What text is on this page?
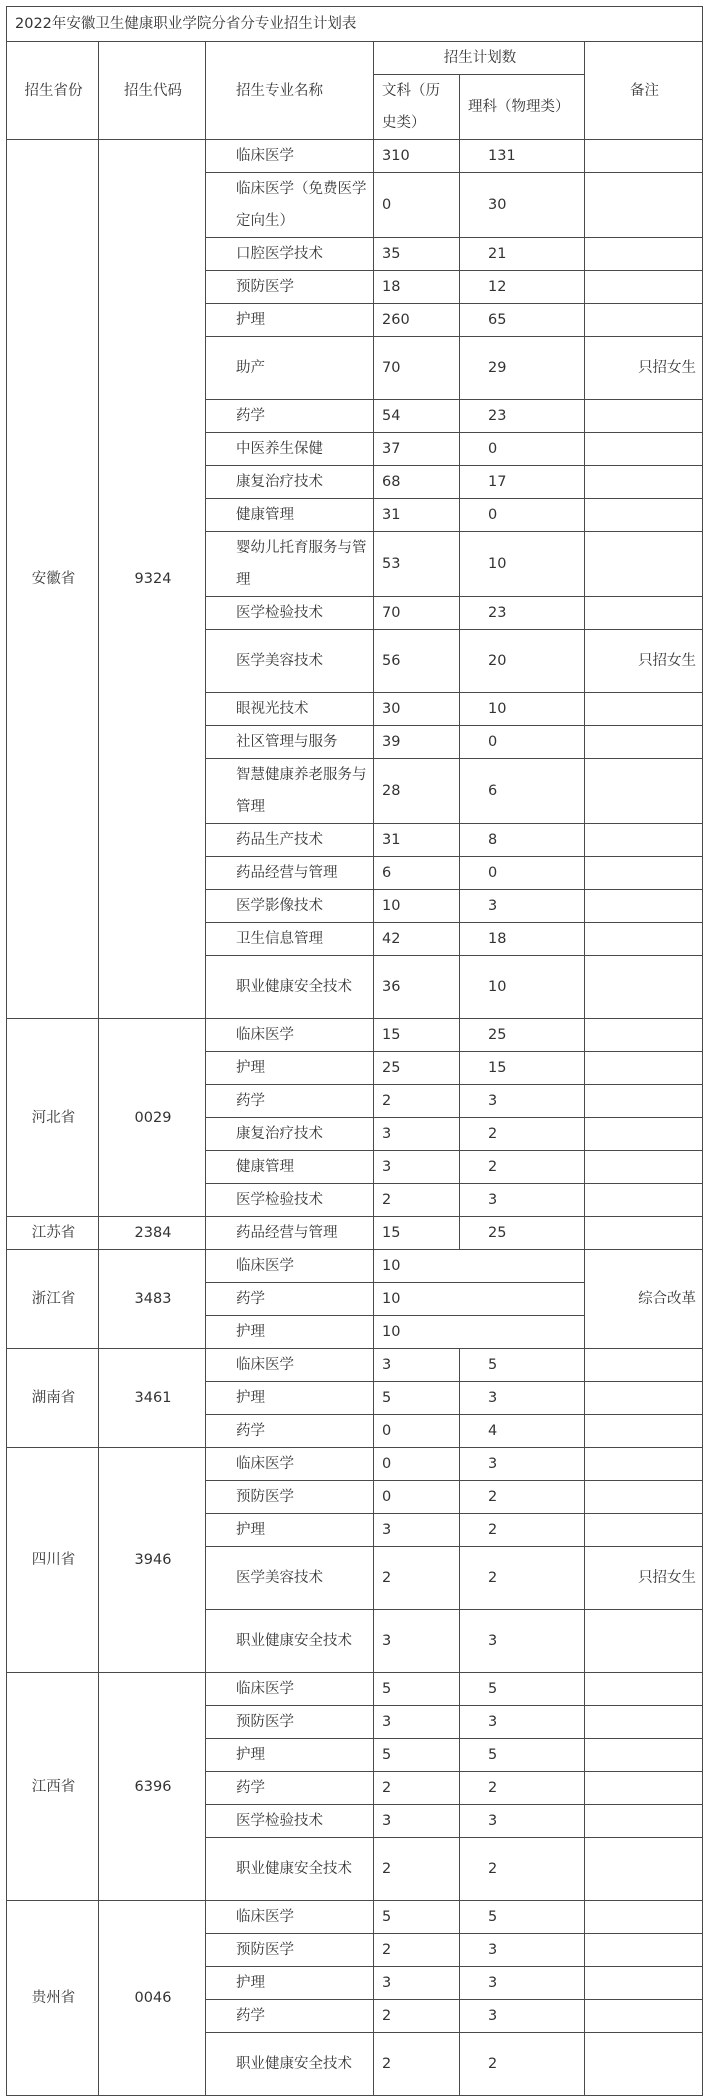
2022年安徽卫生健康职业学院分省分专业招生计划表					
招生省份	招生代码	招生专业名称	招生计划数		备注
			文科（历史类）	理科（物理类）	
安徽省	9324	临床医学	310	131	
		临床医学（免费医学定向生）	0	30	
		口腔医学技术	35	21	
		预防医学	18	12	
		护理	260	65	
		助产	70	29	只招女生
		药学	54	23	
		中医养生保健	37	0	
		康复治疗技术	68	17	
		健康管理	31	0	
		婴幼儿托育服务与管理	53	10	
		医学检验技术	70	23	
		医学美容技术	56	20	只招女生
		眼视光技术	30	10	
		社区管理与服务	39	0	
		智慧健康养老服务与管理	28	6	
		药品生产技术	31	8	
		药品经营与管理	6	0	
		医学影像技术	10	3	
		卫生信息管理	42	18	
		职业健康安全技术	36	10	
河北省	0029	临床医学	15	25	
		护理	25	15	
		药学	2	3	
		康复治疗技术	3	2	
		健康管理	3	2	
		医学检验技术	2	3	
江苏省	2384	药品经营与管理	15	25	
浙江省	3483	临床医学	10		综合改革
		药学	10		
		护理	10		
湖南省	3461	临床医学	3	5	
		护理	5	3	
		药学	0	4	
四川省	3946	临床医学	0	3	
		预防医学	0	2	
		护理	3	2	
		医学美容技术	2	2	只招女生
		职业健康安全技术	3	3	
江西省	6396	临床医学	5	5	
		预防医学	3	3	
		护理	5	5	
		药学	2	2	
		医学检验技术	3	3	
		职业健康安全技术	2	2	
贵州省	0046	临床医学	5	5	
		预防医学	2	3	
		护理	3	3	
		药学	2	3	
		职业健康安全技术	2	2	
